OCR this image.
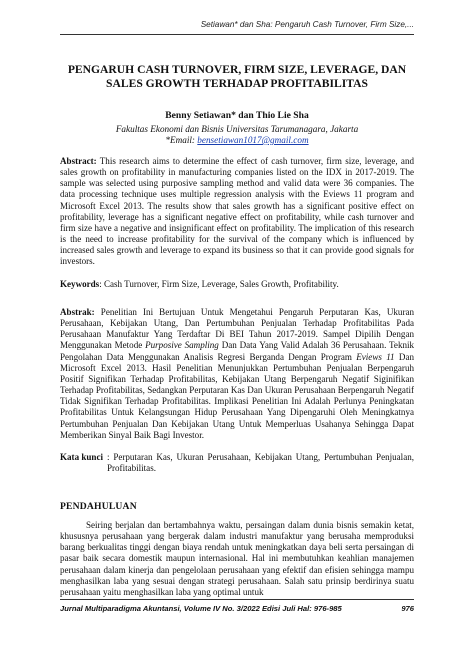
Setiawan* dan Sha: Pengaruh Cash Turnover, Firm Size,...
PENGARUH CASH TURNOVER, FIRM SIZE, LEVERAGE, DAN SALES GROWTH TERHADAP PROFITABILITAS
Benny Setiawan* dan Thio Lie Sha
Fakultas Ekonomi dan Bisnis Universitas Tarumanagara, Jakarta
*Email: bensetiawan1017@gmail.com
Abstract: This research aims to determine the effect of cash turnover, firm size, leverage, and sales growth on profitability in manufacturing companies listed on the IDX in 2017-2019. The sample was selected using purposive sampling method and valid data were 36 companies. The data processing technique uses multiple regression analysis with the Eviews 11 program and Microsoft Excel 2013. The results show that sales growth has a significant positive effect on profitability, leverage has a significant negative effect on profitability, while cash turnover and firm size have a negative and insignificant effect on profitability. The implication of this research is the need to increase profitability for the survival of the company which is influenced by increased sales growth and leverage to expand its business so that it can provide good signals for investors.
Keywords: Cash Turnover, Firm Size, Leverage, Sales Growth, Profitability.
Abstrak: Penelitian Ini Bertujuan Untuk Mengetahui Pengaruh Perputaran Kas, Ukuran Perusahaan, Kebijakan Utang, Dan Pertumbuhan Penjualan Terhadap Profitabilitas Pada Perusahaan Manufaktur Yang Terdaftar Di BEI Tahun 2017-2019. Sampel Dipilih Dengan Menggunakan Metode Purposive Sampling Dan Data Yang Valid Adalah 36 Perusahaan. Teknik Pengolahan Data Menggunakan Analisis Regresi Berganda Dengan Program Eviews 11 Dan Microsoft Excel 2013. Hasil Penelitian Menunjukkan Pertumbuhan Penjualan Berpengaruh Positif Signifikan Terhadap Profitabilitas, Kebijakan Utang Berpengaruh Negatif Siginifikan Terhadap Profitabilitas, Sedangkan Perputaran Kas Dan Ukuran Perusahaan Berpengaruh Negatif Tidak Signifikan Terhadap Profitabilitas. Implikasi Penelitian Ini Adalah Perlunya Peningkatan Profitabilitas Untuk Kelangsungan Hidup Perusahaan Yang Dipengaruhi Oleh Meningkatnya Pertumbuhan Penjualan Dan Kebijakan Utang Untuk Memperluas Usahanya Sehingga Dapat Memberikan Sinyal Baik Bagi Investor.
Kata kunci : Perputaran Kas, Ukuran Perusahaan, Kebijakan Utang, Pertumbuhan Penjualan, Profitabilitas.
PENDAHULUAN
Seiring berjalan dan bertambahnya waktu, persaingan dalam dunia bisnis semakin ketat, khususnya perusahaan yang bergerak dalam industri manufaktur yang berusaha memproduksi barang berkualitas tinggi dengan biaya rendah untuk meningkatkan daya beli serta persaingan di pasar baik secara domestik maupun internasional. Hal ini membutuhkan keahlian manajemen perusahaan dalam kinerja dan pengelolaan perusahaan yang efektif dan efisien sehingga mampu menghasilkan laba yang sesuai dengan strategi perusahaan. Salah satu prinsip berdirinya suatu perusahaan yaitu menghasilkan laba yang optimal untuk
Jurnal Multiparadigma Akuntansi, Volume IV No. 3/2022 Edisi Juli Hal: 976-985	976
